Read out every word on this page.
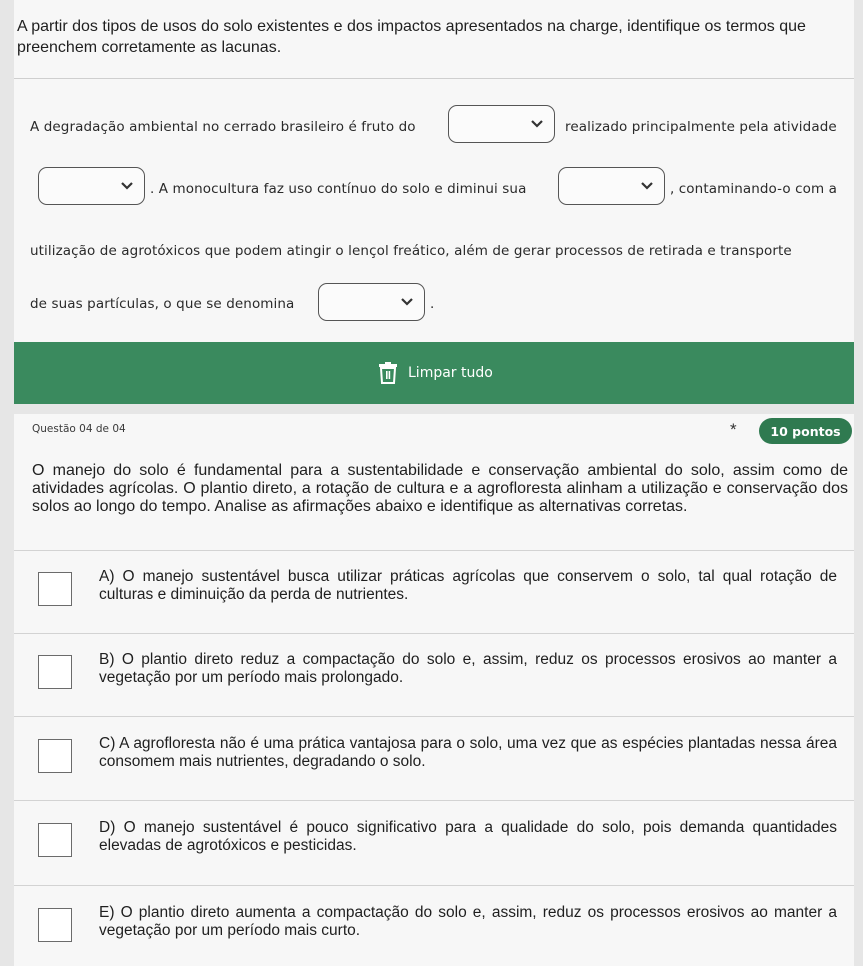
A partir dos tipos de usos do solo existentes e dos impactos apresentados na charge, identifique os termos que preenchem corretamente as lacunas.
A degradação ambiental no cerrado brasileiro é fruto do	realizado principalmente pela atividade
. A monocultura faz uso contínuo do solo e diminui sua	, contaminando-o com a
utilização de agrotóxicos que podem atingir o lençol freático, além de gerar processos de retirada e transporte
de suas partículas, o que se denomina	.
Limpar tudo
Questão 04 de 04	*	10 pontos
O manejo do solo é fundamental para a sustentabilidade e conservação ambiental do solo, assim como de atividades agrícolas. O plantio direto, a rotação de cultura e a agrofloresta alinham a utilização e conservação dos solos ao longo do tempo. Analise as afirmações abaixo e identifique as alternativas corretas.
A) O manejo sustentável busca utilizar práticas agrícolas que conservem o solo, tal qual rotação de culturas e diminuição da perda de nutrientes.
B) O plantio direto reduz a compactação do solo e, assim, reduz os processos erosivos ao manter a vegetação por um período mais prolongado.
C) A agrofloresta não é uma prática vantajosa para o solo, uma vez que as espécies plantadas nessa área consomem mais nutrientes, degradando o solo.
D) O manejo sustentável é pouco significativo para a qualidade do solo, pois demanda quantidades elevadas de agrotóxicos e pesticidas.
E) O plantio direto aumenta a compactação do solo e, assim, reduz os processos erosivos ao manter a vegetação por um período mais curto.
